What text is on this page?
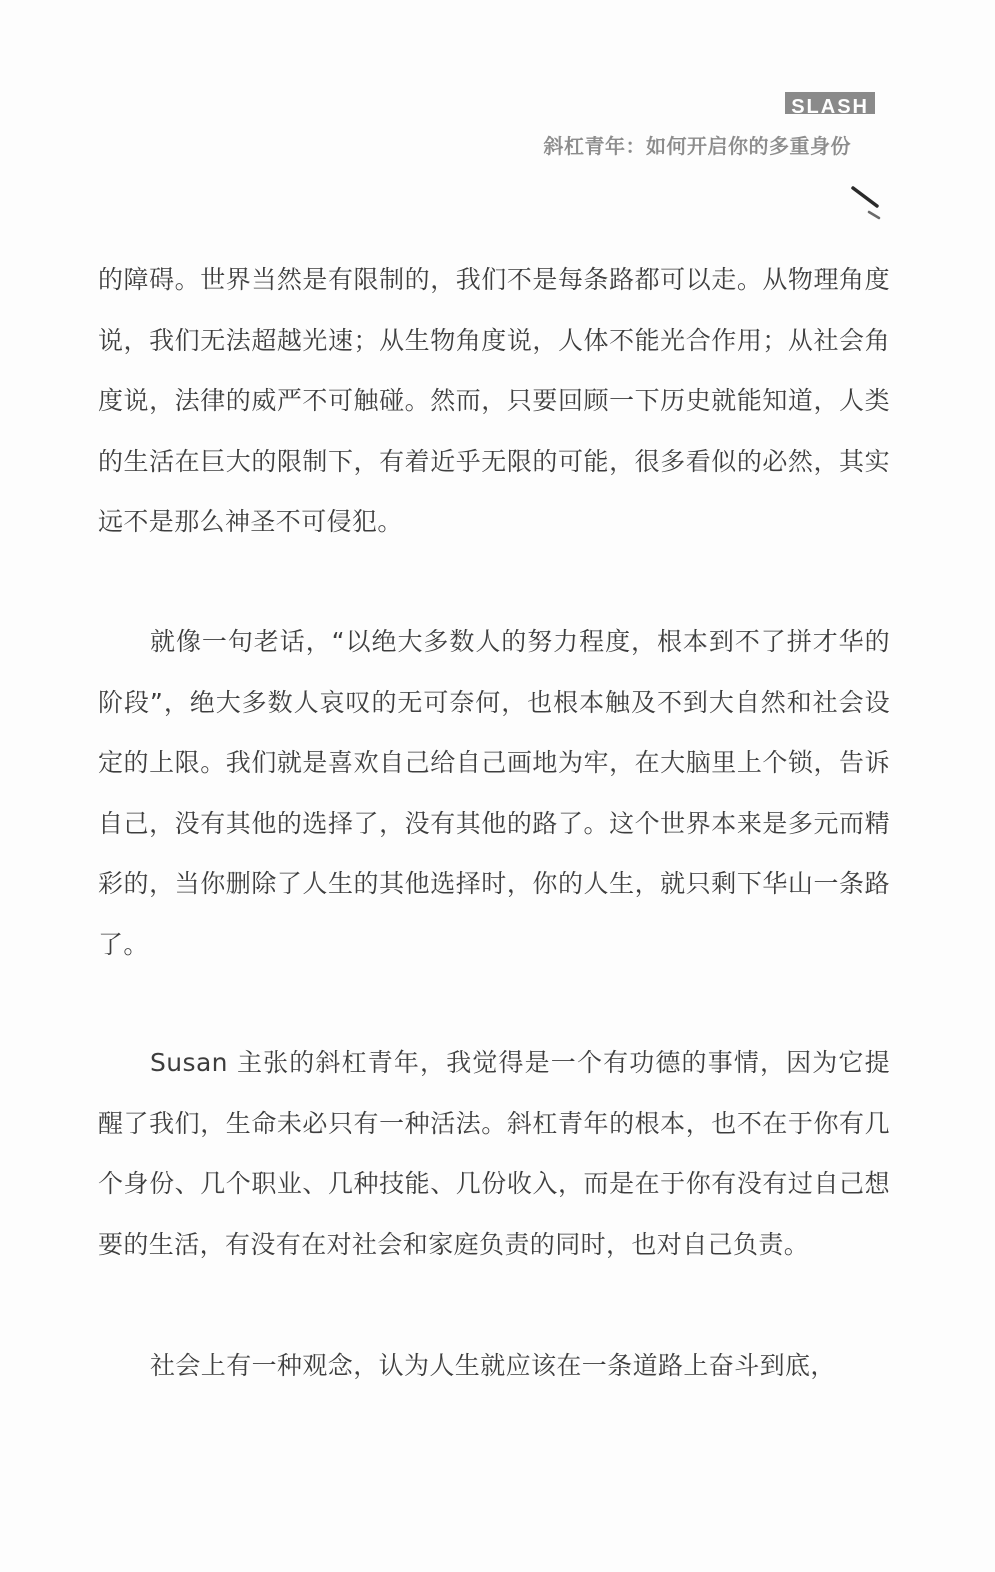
SLASH
斜杠青年：如何开启你的多重身份

的障碍。世界当然是有限制的，我们不是每条路都可以走。从物理角度说，我们无法超越光速；从生物角度说，人体不能光合作用；从社会角度说，法律的威严不可触碰。然而，只要回顾一下历史就能知道，人类的生活在巨大的限制下，有着近乎无限的可能，很多看似的必然，其实远不是那么神圣不可侵犯。

就像一句老话，“以绝大多数人的努力程度，根本到不了拼才华的阶段”，绝大多数人哀叹的无可奈何，也根本触及不到大自然和社会设定的上限。我们就是喜欢自己给自己画地为牢，在大脑里上个锁，告诉自己，没有其他的选择了，没有其他的路了。这个世界本来是多元而精彩的，当你删除了人生的其他选择时，你的人生，就只剩下华山一条路了。

Susan 主张的斜杠青年，我觉得是一个有功德的事情，因为它提醒了我们，生命未必只有一种活法。斜杠青年的根本，也不在于你有几个身份、几个职业、几种技能、几份收入，而是在于你有没有过自己想要的生活，有没有在对社会和家庭负责的同时，也对自己负责。

社会上有一种观念，认为人生就应该在一条道路上奋斗到底，
